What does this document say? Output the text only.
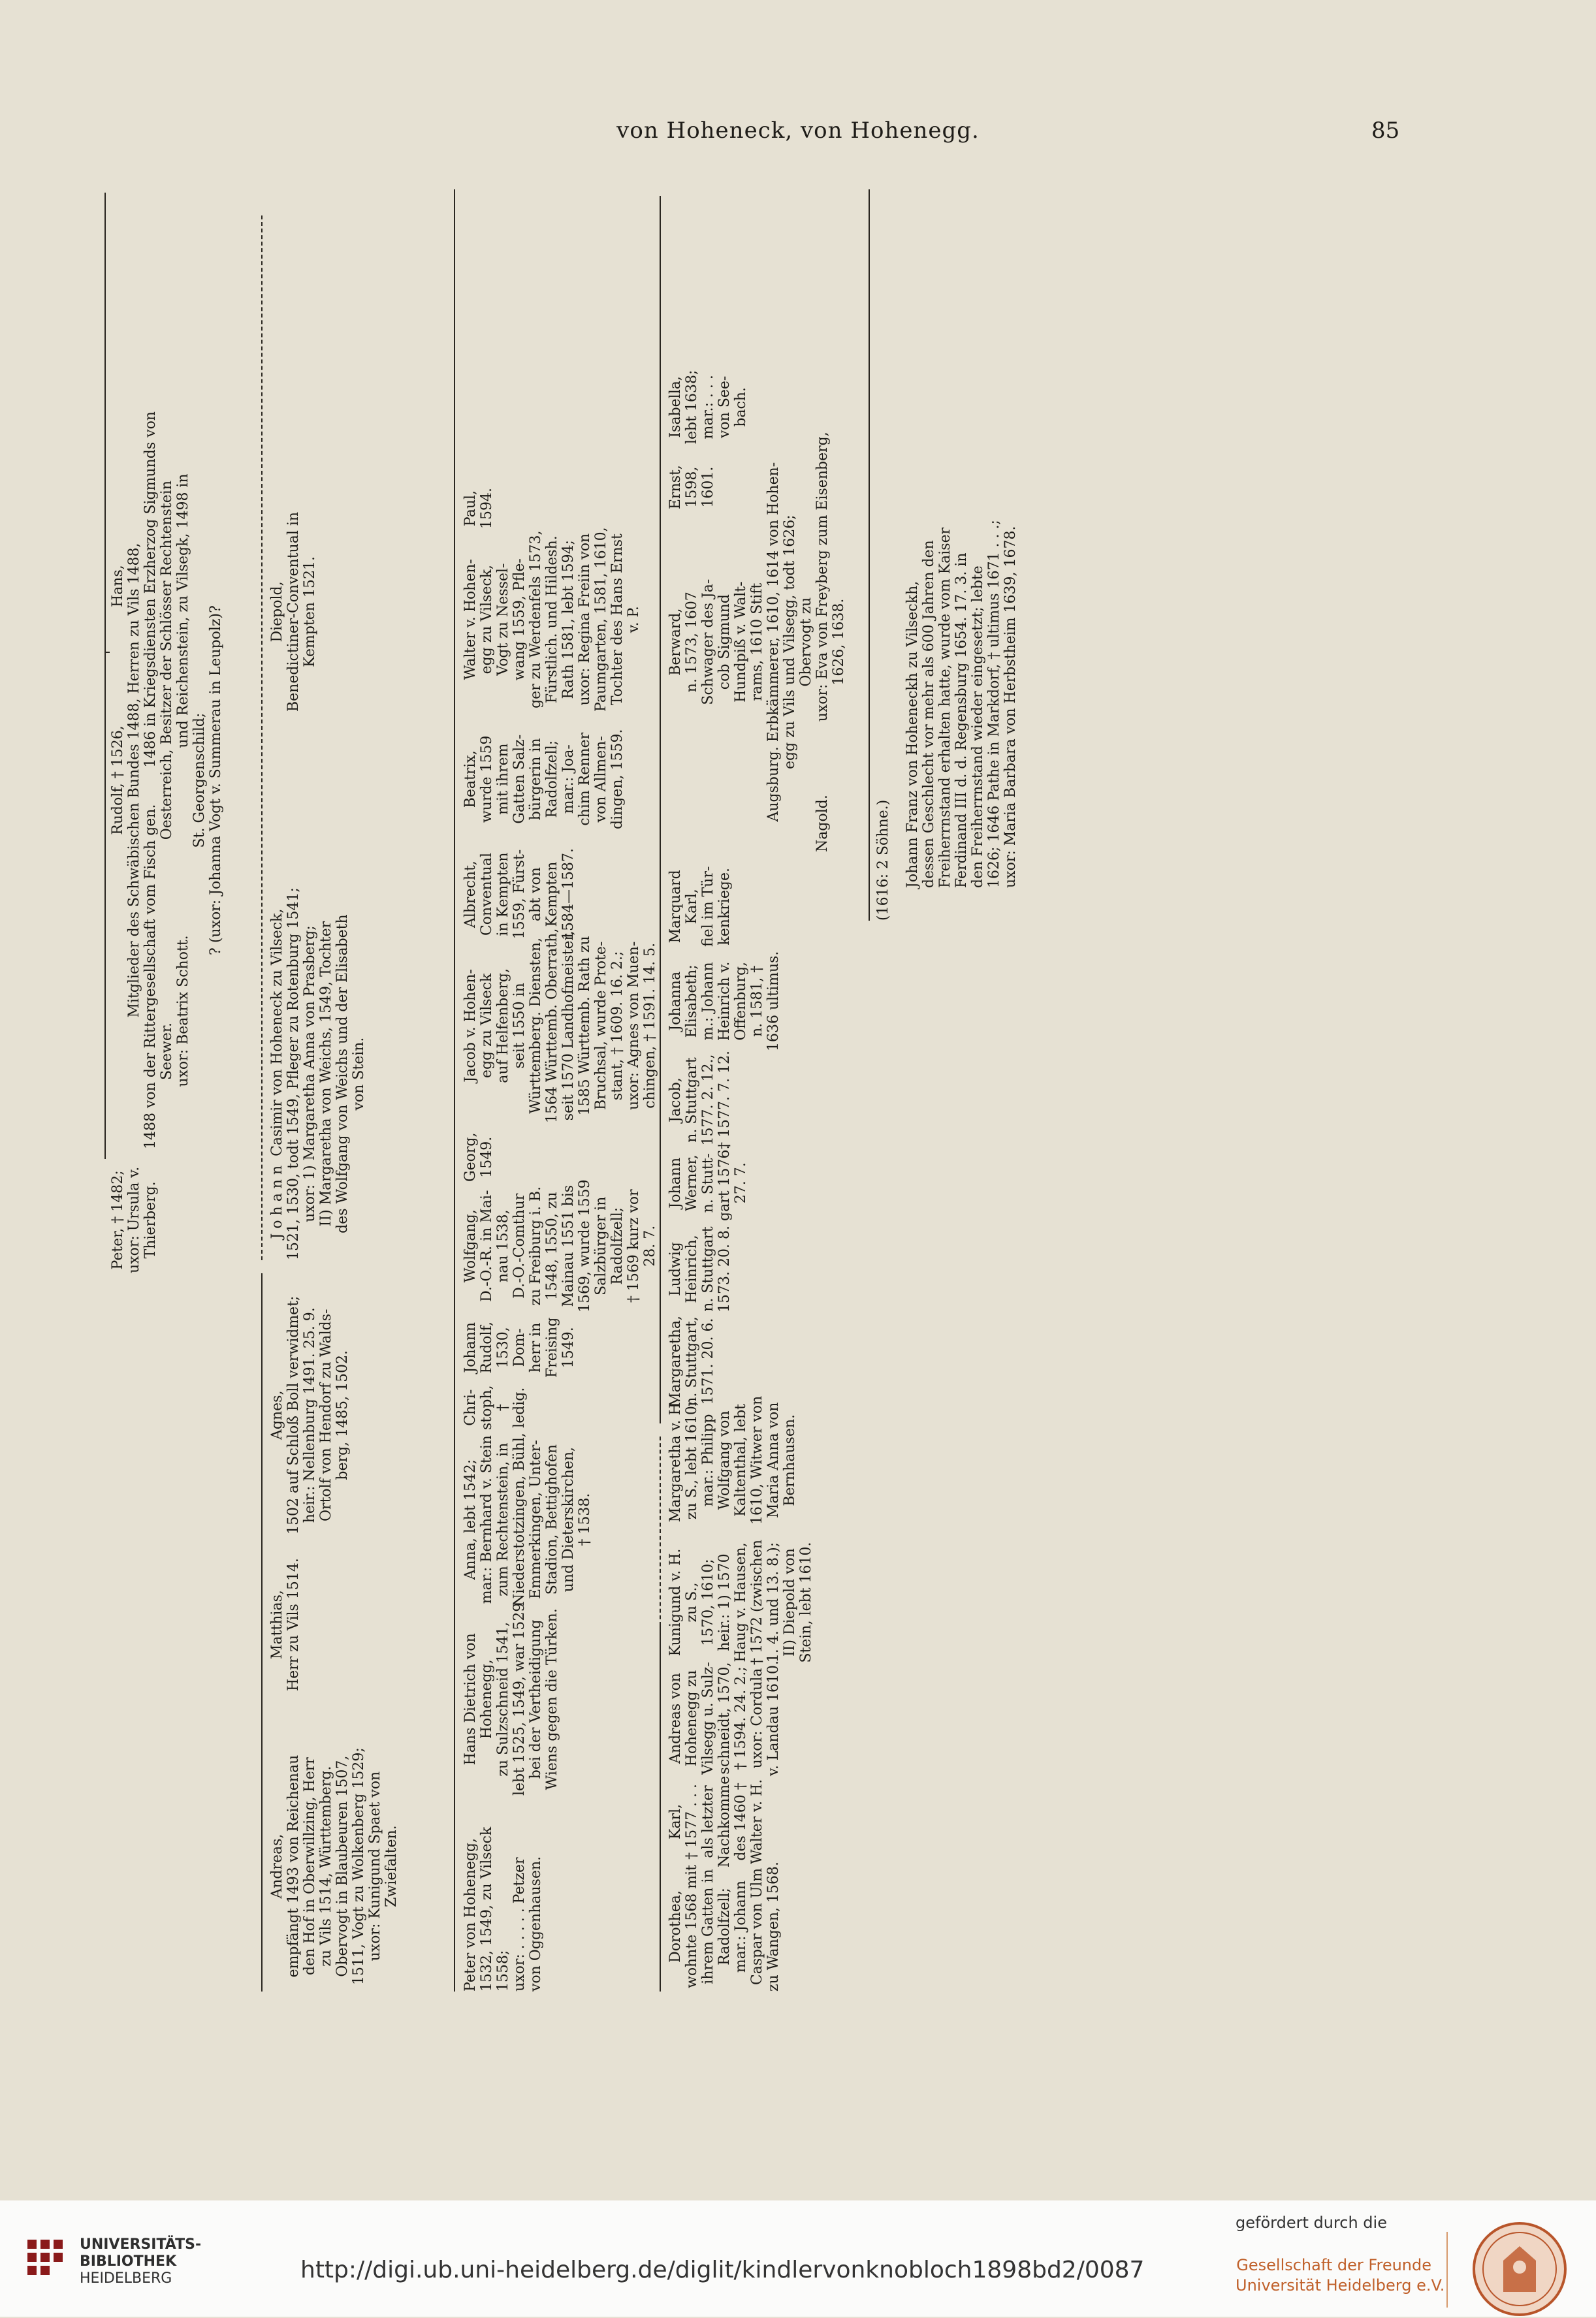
von Hoheneck, von Hohenegg.	85
Peter, † 1482;
uxor: Ursula v.
Thierberg.
Rudolf, † 1526,
Mitglieder des Schwäbischen Bundes 1488, Herren zu Vils 1488,
1488 von der Rittergesellschaft vom Fisch gen.        1486 in Kriegsdiensten Erzherzog Sigmunds von
Seewer.                                        Oesterreich, Besitzer der Schlösser Rechtenstein
uxor: Beatrix Schott.                                         und Reichenstein, zu Vilsegk, 1498 in
St. Georgenschild;
? (uxor: Johanna Vogt v. Summerau in Leupolz)?
Hans,
Andreas,
empfängt 1493 von Reichenau
den Hof in Oberwillzing, Herr
zu Vils 1514, Württemberg.
Obervogt in Blaubeuren 1507,
1511, Vogt zu Wolkenberg 1529;
uxor: Kunigund Spaet von
Zwiefalten.
Matthias,
Herr zu Vils 1514.
Agnes,
1502 auf Schloß Boll verwidmet;
heir.: Nellenburg 1491. 25. 9.
Ortolf von Hendorf zu Walds-
berg, 1485, 1502.
J o h a n n  Casimir von Hoheneck zu Vilseck,
1521, 1530, todt 1549, Pfleger zu Rotenburg 1541;
uxor: 1) Margaretha Anna von Prasberg;
II) Margaretha von Weichs, 1549, Tochter
des Wolfgang von Weichs und der Elisabeth
von Stein.
Diepold,
Benedictiner-Conventual in
Kempten 1521.
Peter von Hohenegg,
1532, 1549, zu Vilseck
1558;
uxor: . . . . . Petzer
von Oggenhausen.
Hans Dietrich von
Hohenegg,
zu Sulzschneid 1541,
lebt 1525, 1549, war 1529
bei der Vertheidigung
Wiens gegen die Türken.
Anna, lebt 1542;
mar.: Bernhard v. Stein
zum Rechtenstein, in
Niederstotzingen, Bühl,
Emmerkingen, Unter-
Stadion, Bettighofen
und Dieterskirchen,
† 1538.
Chri-
stoph,
†
ledig.
Johann
Rudolf,
1530,
Dom-
herr in
Freising
1549.
Wolfgang,
D.-O.-R. in Mai-
nau 1538,
D.-O.-Comthur
zu Freiburg i. B.
1548, 1550, zu
Mainau 1551 bis
1569, wurde 1559
Salzbürger in
Radolfzell;
† 1569 kurz vor
28. 7.
Georg,
1549.
Jacob v. Hohen-
egg zu Vilseck
auf Helfenberg,
seit 1550 in
Württemberg. Diensten,
1564 Württemb. Oberrath,
seit 1570 Landhofmeister,
1585 Württemb. Rath zu
Bruchsal, wurde Prote-
stant, † 1609. 16. 2.;
uxor: Agnes von Muen-
chingen, † 1591. 14. 5.
Albrecht,
Conventual
in Kempten
1559, Fürst-
abt von
Kempten
1584—1587.
Beatrix,
wurde 1559
mit ihrem
Gatten Salz-
bürgerin in
Radolfzell;
mar.: Joa-
chim Renner
von Allmen-
dingen, 1559.
Walter v. Hohen-
egg zu Vilseck,
Vogt zu Nessel-
wang 1559, Pfle-
ger zu Werdenfels 1573,
Fürstlich. und Hildesh.
Rath 1581, lebt 1594;
uxor: Regina Freiin von
Paumgarten, 1581, 1610,
Tochter des Hans Ernst
v. P.
Paul,
1594.
Dorothea,
wohnte 1568 mit
ihrem Gatten in
Radolfzell;
mar.: Johann
Caspar von Ulm
zu Wangen, 1568.
Karl,
† 1577 . . .
als letzter
Nachkomme
des 1460 †
Walter v. H.
Andreas von
Hohenegg zu
Vilsegg u. Sulz-
schneidt, 1570,
† 1594. 24. 2.;
uxor: Cordula
v. Landau 1610.
Kunigund v. H.
zu S.,
1570, 1610;
heir.: 1) 1570
Haug v. Hausen,
† 1572 (zwischen
1. 4. und 13. 8.);
II) Diepold von
Stein, lebt 1610.
Margaretha v. H.
zu S., lebt 1610;
mar.: Philipp
Wolfgang von
Kaltenthal, lebt
1610, Witwer von
Maria Anna von
Bernhausen.
Margaretha,
n. Stuttgart,
1571. 20. 6.
Ludwig
Heinrich,
n. Stuttgart
1573. 20. 8.
Johann
Werner,
n. Stutt-
gart 1576.
27. 7.
Jacob,
n. Stuttgart
1577. 2. 12.,
† 1577. 7. 12.
Johanna
Elisabeth;
m.: Johann
Heinrich v.
Offenburg,
n. 1581, †
1636 ultimus.
Marquard
Karl,
fiel im Tür-
kenkriege.
Berward,
n. 1573, 1607
Schwager des Ja-
cob Sigmund
Hundpiß v. Walt-
rams, 1610 Stift
Augsburg. Erbkämmerer, 1610, 1614 von Hohen-
egg zu Vils und Vilsegg, todt 1626;
Obervogt zu
Nagold.                uxor: Eva von Freyberg zum Eisenberg,
1626, 1638.
Ernst,
1598,
1601.
Isabella,
lebt 1638;
mar.: . . .
von See-
bach.
(1616: 2 Söhne.) Johann Franz von Hoheneckh zu Vilseckh,
dessen Geschlecht vor mehr als 600 Jahren den
Freiherrnstand erhalten hatte, wurde vom Kaiser
Ferdinand III d. d. Regensburg 1654. 17. 3. in
den Freiherrnstand wieder eingesetzt; lebte
1626; 1646 Pathe in Markdorf, † ultimus 1671 . . .;
uxor: Maria Barbara von Herbstheim 1639, 1678.
UNIVERSITÄTS-
BIBLIOTHEK
HEIDELBERG	http://digi.ub.uni-heidelberg.de/diglit/kindlervonknobloch1898bd2/0087
gefördert durch die
Gesellschaft der Freunde
Universität Heidelberg e.V.
